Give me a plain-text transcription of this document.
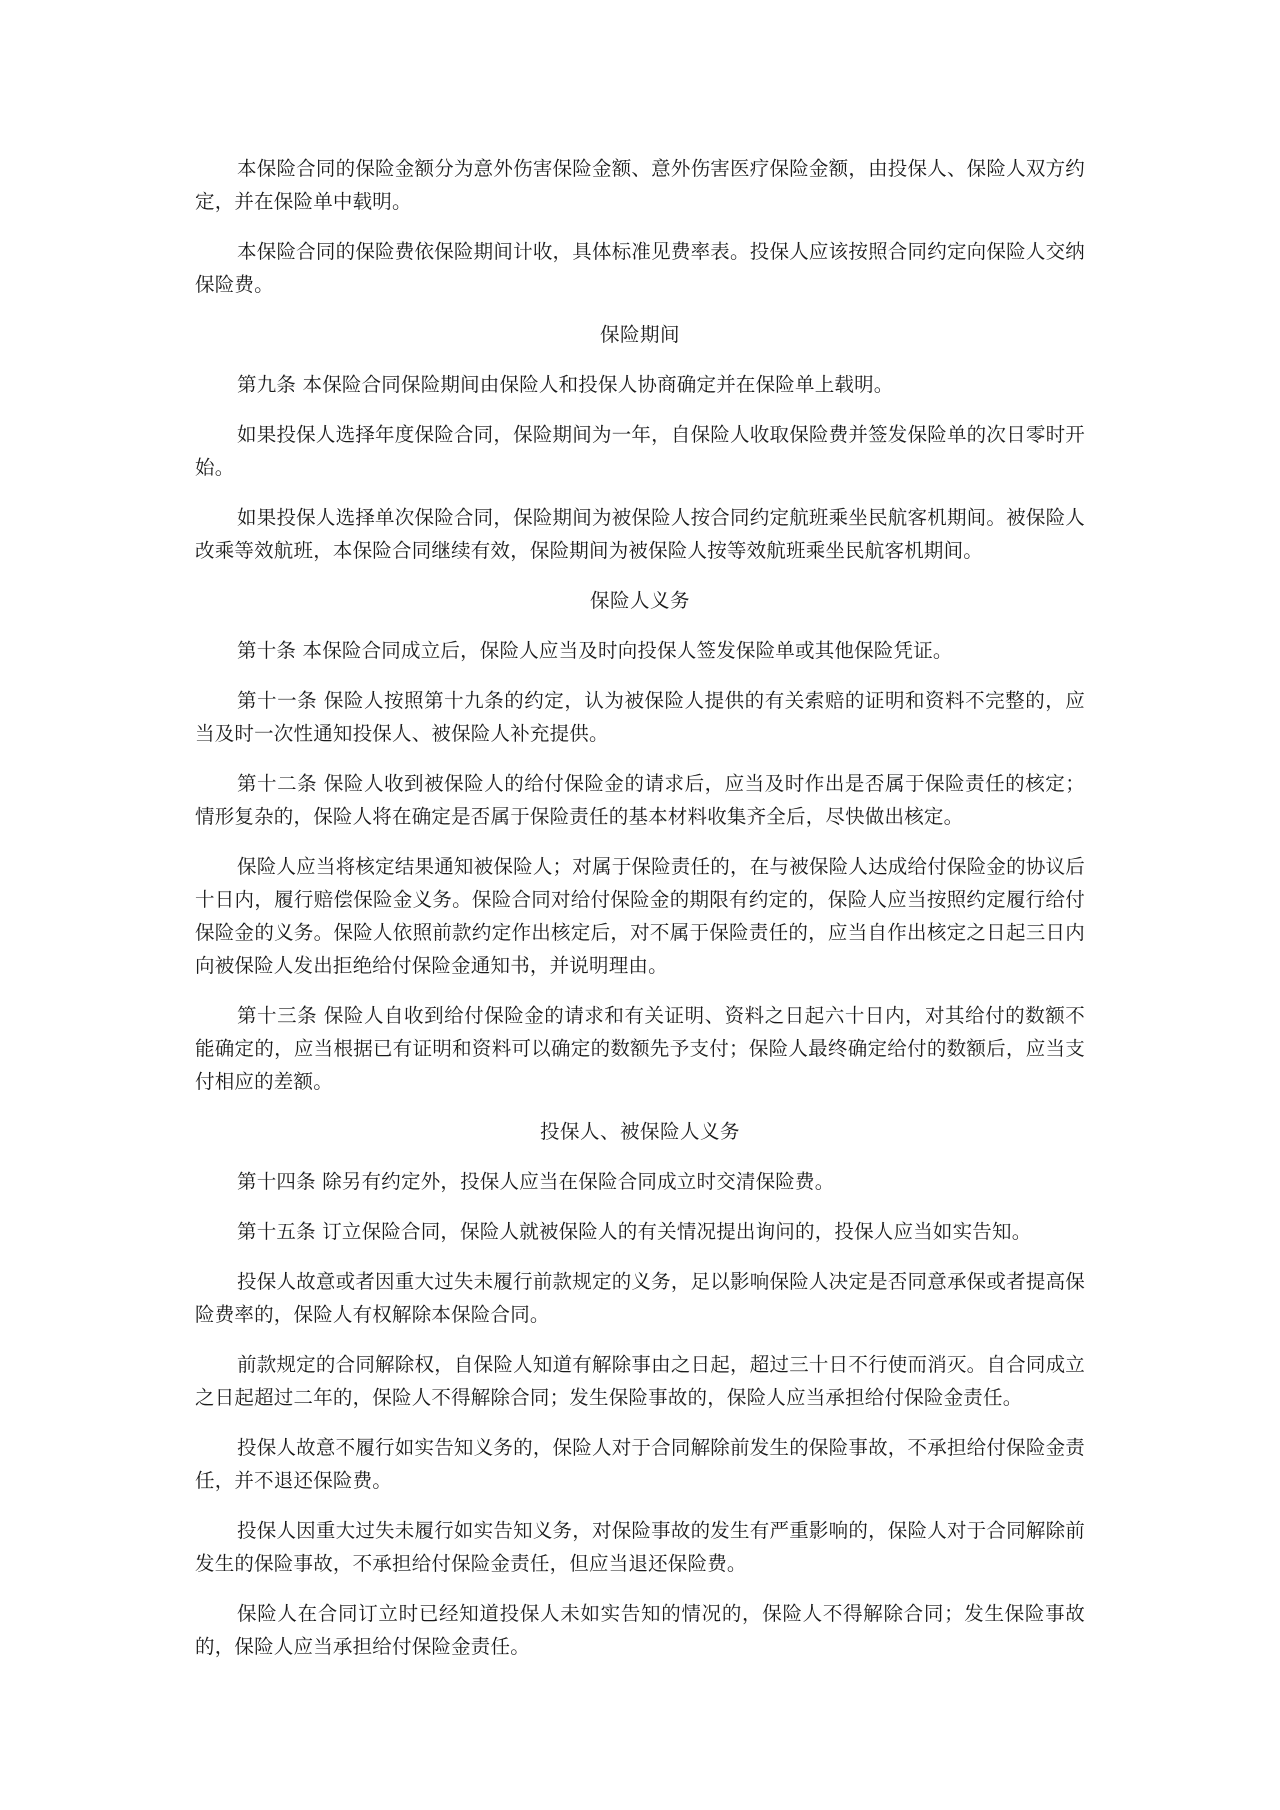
本保险合同的保险金额分为意外伤害保险金额、意外伤害医疗保险金额，由投保人、保险人双方约定，并在保险单中载明。

本保险合同的保险费依保险期间计收，具体标准见费率表。投保人应该按照合同约定向保险人交纳保险费。

保险期间

第九条 本保险合同保险期间由保险人和投保人协商确定并在保险单上载明。

如果投保人选择年度保险合同，保险期间为一年，自保险人收取保险费并签发保险单的次日零时开始。

如果投保人选择单次保险合同，保险期间为被保险人按合同约定航班乘坐民航客机期间。被保险人改乘等效航班，本保险合同继续有效，保险期间为被保险人按等效航班乘坐民航客机期间。

保险人义务

第十条 本保险合同成立后，保险人应当及时向投保人签发保险单或其他保险凭证。

第十一条 保险人按照第十九条的约定，认为被保险人提供的有关索赔的证明和资料不完整的，应当及时一次性通知投保人、被保险人补充提供。

第十二条 保险人收到被保险人的给付保险金的请求后，应当及时作出是否属于保险责任的核定；情形复杂的，保险人将在确定是否属于保险责任的基本材料收集齐全后，尽快做出核定。

保险人应当将核定结果通知被保险人；对属于保险责任的，在与被保险人达成给付保险金的协议后十日内，履行赔偿保险金义务。保险合同对给付保险金的期限有约定的，保险人应当按照约定履行给付保险金的义务。保险人依照前款约定作出核定后，对不属于保险责任的，应当自作出核定之日起三日内向被保险人发出拒绝给付保险金通知书，并说明理由。

第十三条 保险人自收到给付保险金的请求和有关证明、资料之日起六十日内，对其给付的数额不能确定的，应当根据已有证明和资料可以确定的数额先予支付；保险人最终确定给付的数额后，应当支付相应的差额。

投保人、被保险人义务

第十四条 除另有约定外，投保人应当在保险合同成立时交清保险费。

第十五条 订立保险合同，保险人就被保险人的有关情况提出询问的，投保人应当如实告知。

投保人故意或者因重大过失未履行前款规定的义务，足以影响保险人决定是否同意承保或者提高保险费率的，保险人有权解除本保险合同。

前款规定的合同解除权，自保险人知道有解除事由之日起，超过三十日不行使而消灭。自合同成立之日起超过二年的，保险人不得解除合同；发生保险事故的，保险人应当承担给付保险金责任。

投保人故意不履行如实告知义务的，保险人对于合同解除前发生的保险事故，不承担给付保险金责任，并不退还保险费。

投保人因重大过失未履行如实告知义务，对保险事故的发生有严重影响的，保险人对于合同解除前发生的保险事故，不承担给付保险金责任，但应当退还保险费。

保险人在合同订立时已经知道投保人未如实告知的情况的，保险人不得解除合同；发生保险事故的，保险人应当承担给付保险金责任。
